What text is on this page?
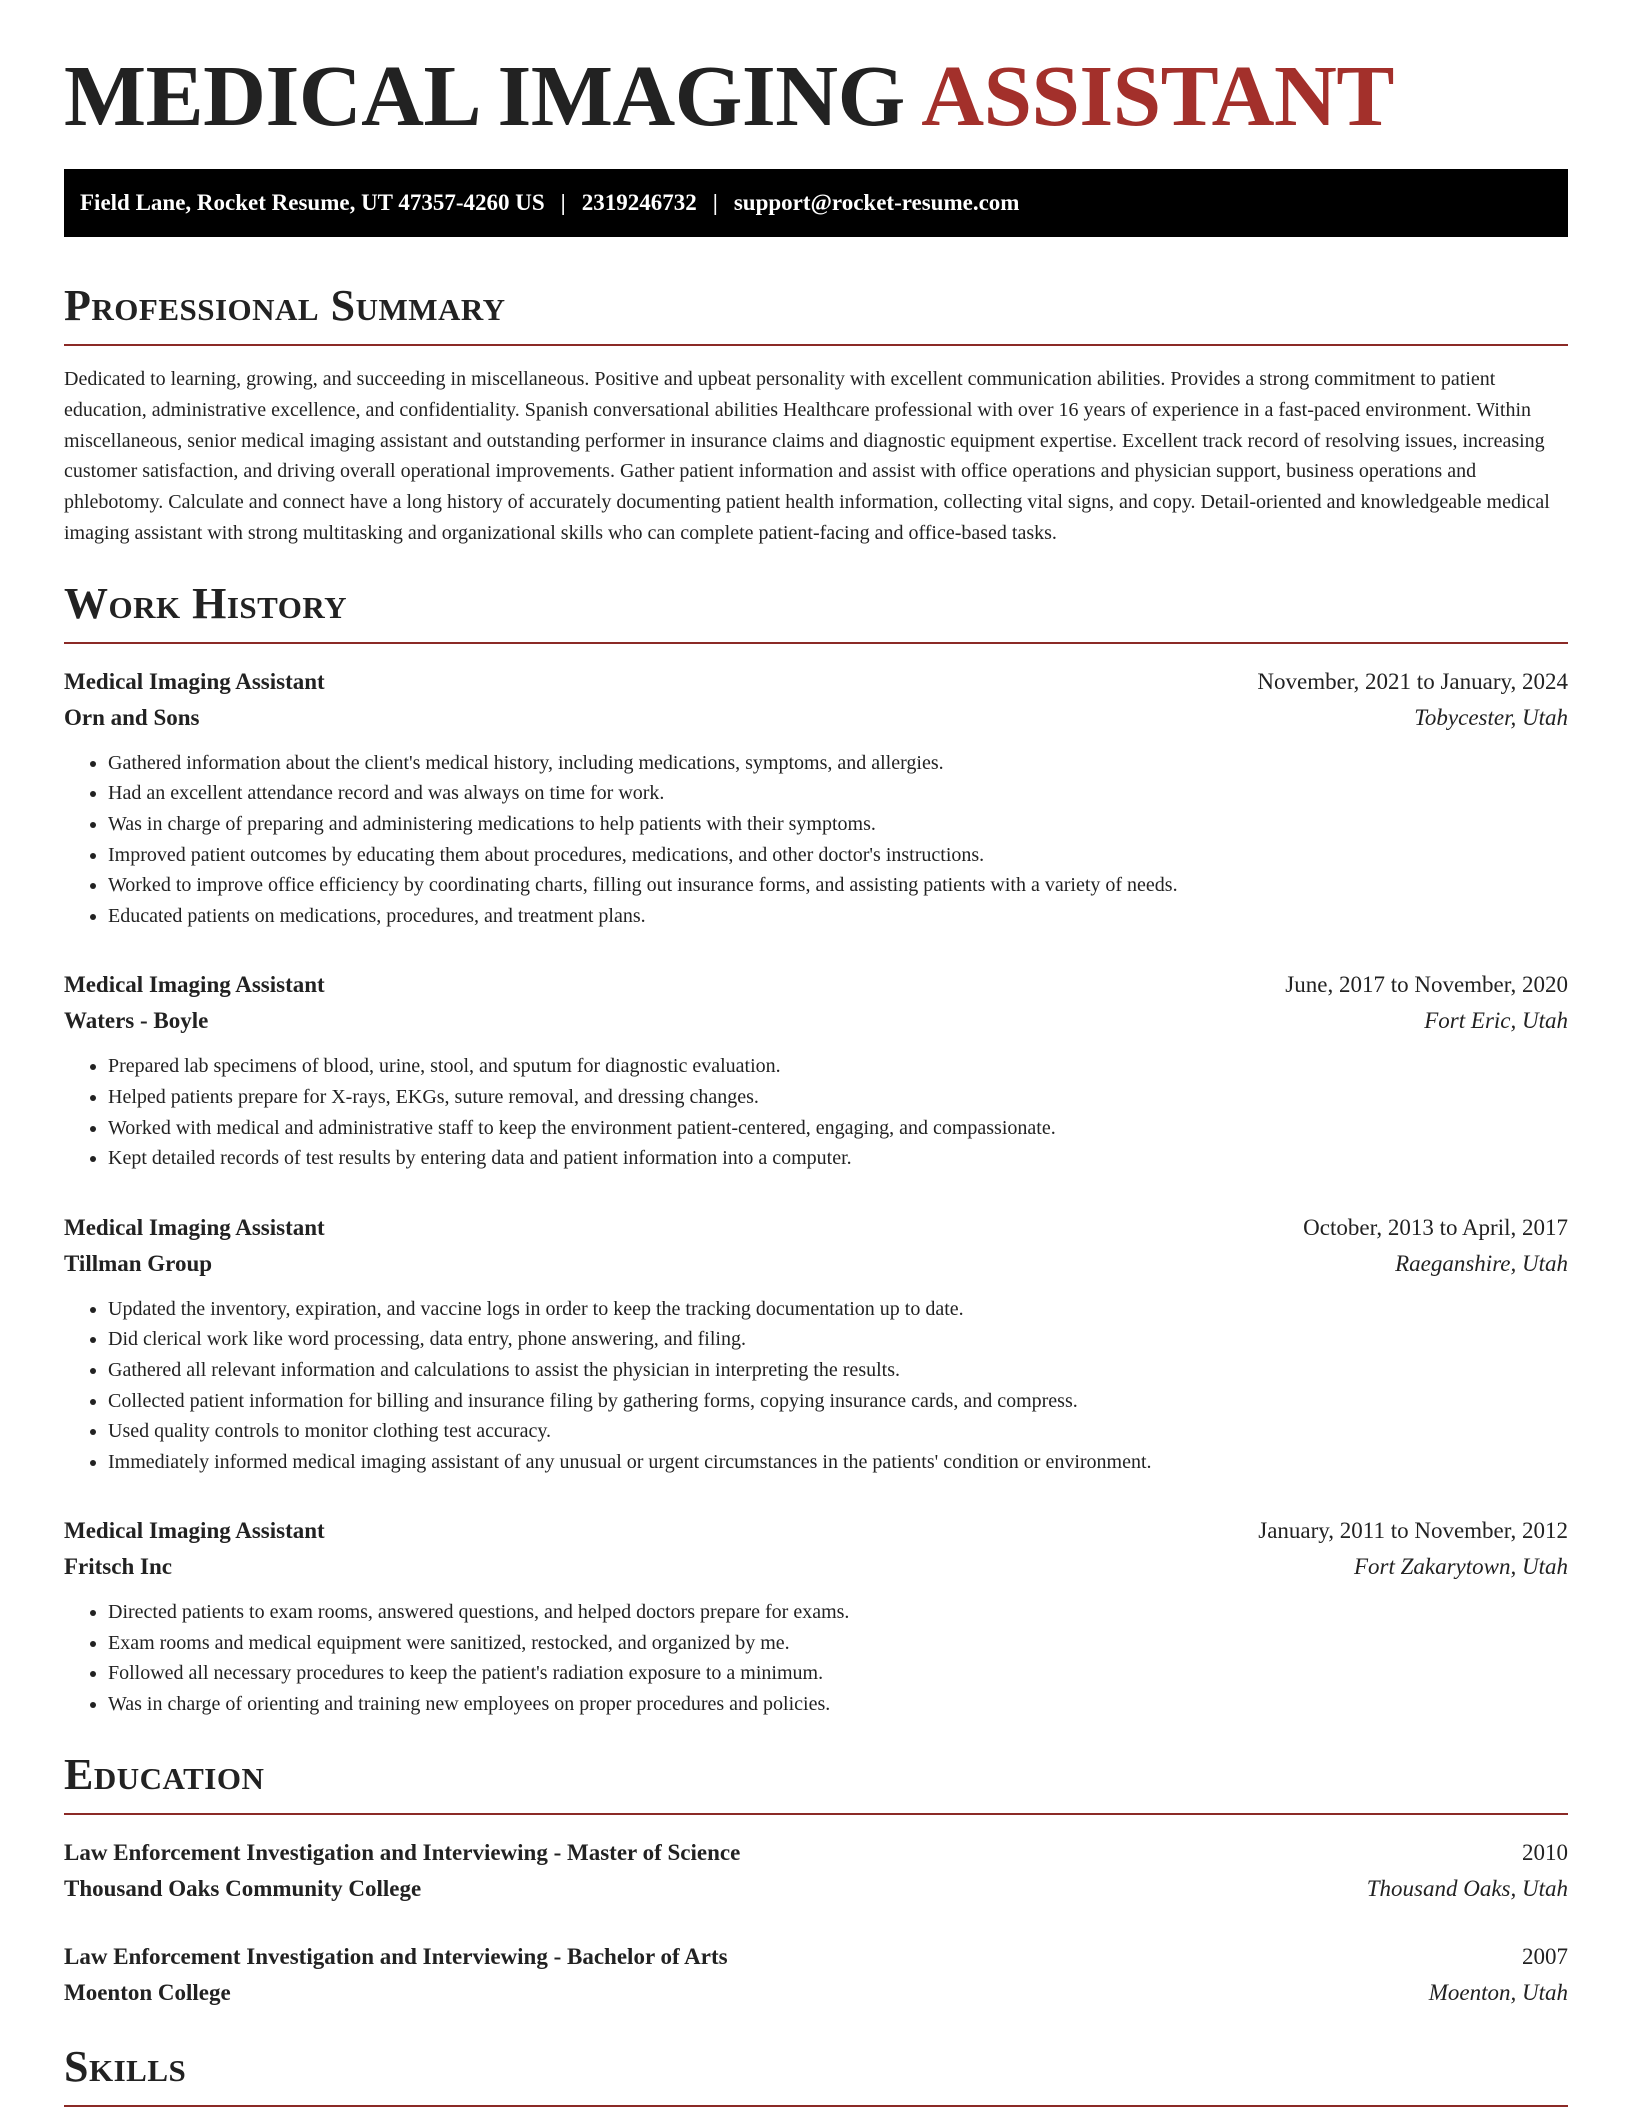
MEDICAL IMAGING ASSISTANT
Field Lane, Rocket Resume, UT 47357-4260 US | 2319246732 | support@rocket-resume.com
Professional Summary

Dedicated to learning, growing, and succeeding in miscellaneous. Positive and upbeat personality with excellent communication abilities. Provides a strong commitment to patient education, administrative excellence, and confidentiality. Spanish conversational abilities Healthcare professional with over 16 years of experience in a fast-paced environment. Within miscellaneous, senior medical imaging assistant and outstanding performer in insurance claims and diagnostic equipment expertise. Excellent track record of resolving issues, increasing customer satisfaction, and driving overall operational improvements. Gather patient information and assist with office operations and physician support, business operations and phlebotomy. Calculate and connect have a long history of accurately documenting patient health information, collecting vital signs, and copy. Detail-oriented and knowledgeable medical imaging assistant with strong multitasking and organizational skills who can complete patient-facing and office-based tasks.

Work History
Medical Imaging Assistant	November, 2021 to January, 2024
Orn and Sons	Tobycester, Utah
• Gathered information about the client's medical history, including medications, symptoms, and allergies.
• Had an excellent attendance record and was always on time for work.
• Was in charge of preparing and administering medications to help patients with their symptoms.
• Improved patient outcomes by educating them about procedures, medications, and other doctor's instructions.
• Worked to improve office efficiency by coordinating charts, filling out insurance forms, and assisting patients with a variety of needs.
• Educated patients on medications, procedures, and treatment plans.
Medical Imaging Assistant	June, 2017 to November, 2020
Waters - Boyle	Fort Eric, Utah
• Prepared lab specimens of blood, urine, stool, and sputum for diagnostic evaluation.
• Helped patients prepare for X-rays, EKGs, suture removal, and dressing changes.
• Worked with medical and administrative staff to keep the environment patient-centered, engaging, and compassionate.
• Kept detailed records of test results by entering data and patient information into a computer.
Medical Imaging Assistant	October, 2013 to April, 2017
Tillman Group	Raeganshire, Utah
• Updated the inventory, expiration, and vaccine logs in order to keep the tracking documentation up to date.
• Did clerical work like word processing, data entry, phone answering, and filing.
• Gathered all relevant information and calculations to assist the physician in interpreting the results.
• Collected patient information for billing and insurance filing by gathering forms, copying insurance cards, and compress.
• Used quality controls to monitor clothing test accuracy.
• Immediately informed medical imaging assistant of any unusual or urgent circumstances in the patients' condition or environment.
Medical Imaging Assistant	January, 2011 to November, 2012
Fritsch Inc	Fort Zakarytown, Utah
• Directed patients to exam rooms, answered questions, and helped doctors prepare for exams.
• Exam rooms and medical equipment were sanitized, restocked, and organized by me.
• Followed all necessary procedures to keep the patient's radiation exposure to a minimum.
• Was in charge of orienting and training new employees on proper procedures and policies.
Education
Law Enforcement Investigation and Interviewing - Master of Science	2010
Thousand Oaks Community College	Thousand Oaks, Utah
Law Enforcement Investigation and Interviewing - Bachelor of Arts	2007
Moenton College	Moenton, Utah
Skills
